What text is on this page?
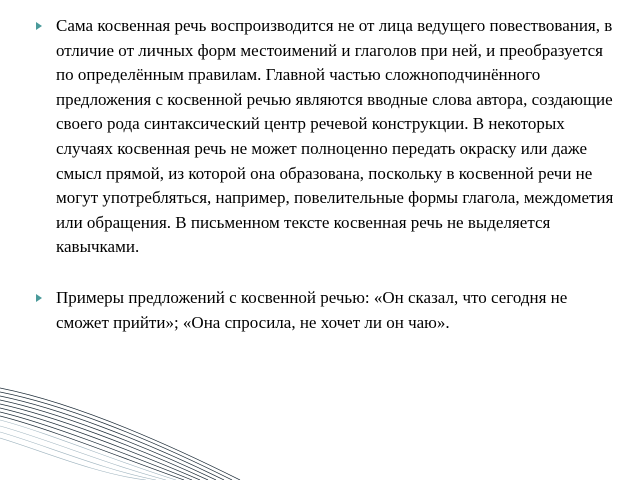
Сама косвенная речь воспроизводится не от лица ведущего повествования, в отличие от личных форм местоимений и глаголов при ней, и преобразуется по определённым правилам. Главной частью сложноподчинённого предложения с косвенной речью являются вводные слова автора, создающие своего рода синтаксический центр речевой конструкции. В некоторых случаях косвенная речь не может полноценно передать окраску или даже смысл прямой, из которой она образована, поскольку в косвенной речи не могут употребляться, например, повелительные формы глагола, междометия или обращения. В письменном тексте косвенная речь не выделяется кавычками.

Примеры предложений с косвенной речью: «Он сказал, что сегодня не сможет прийти»; «Она спросила, не хочет ли он чаю».
